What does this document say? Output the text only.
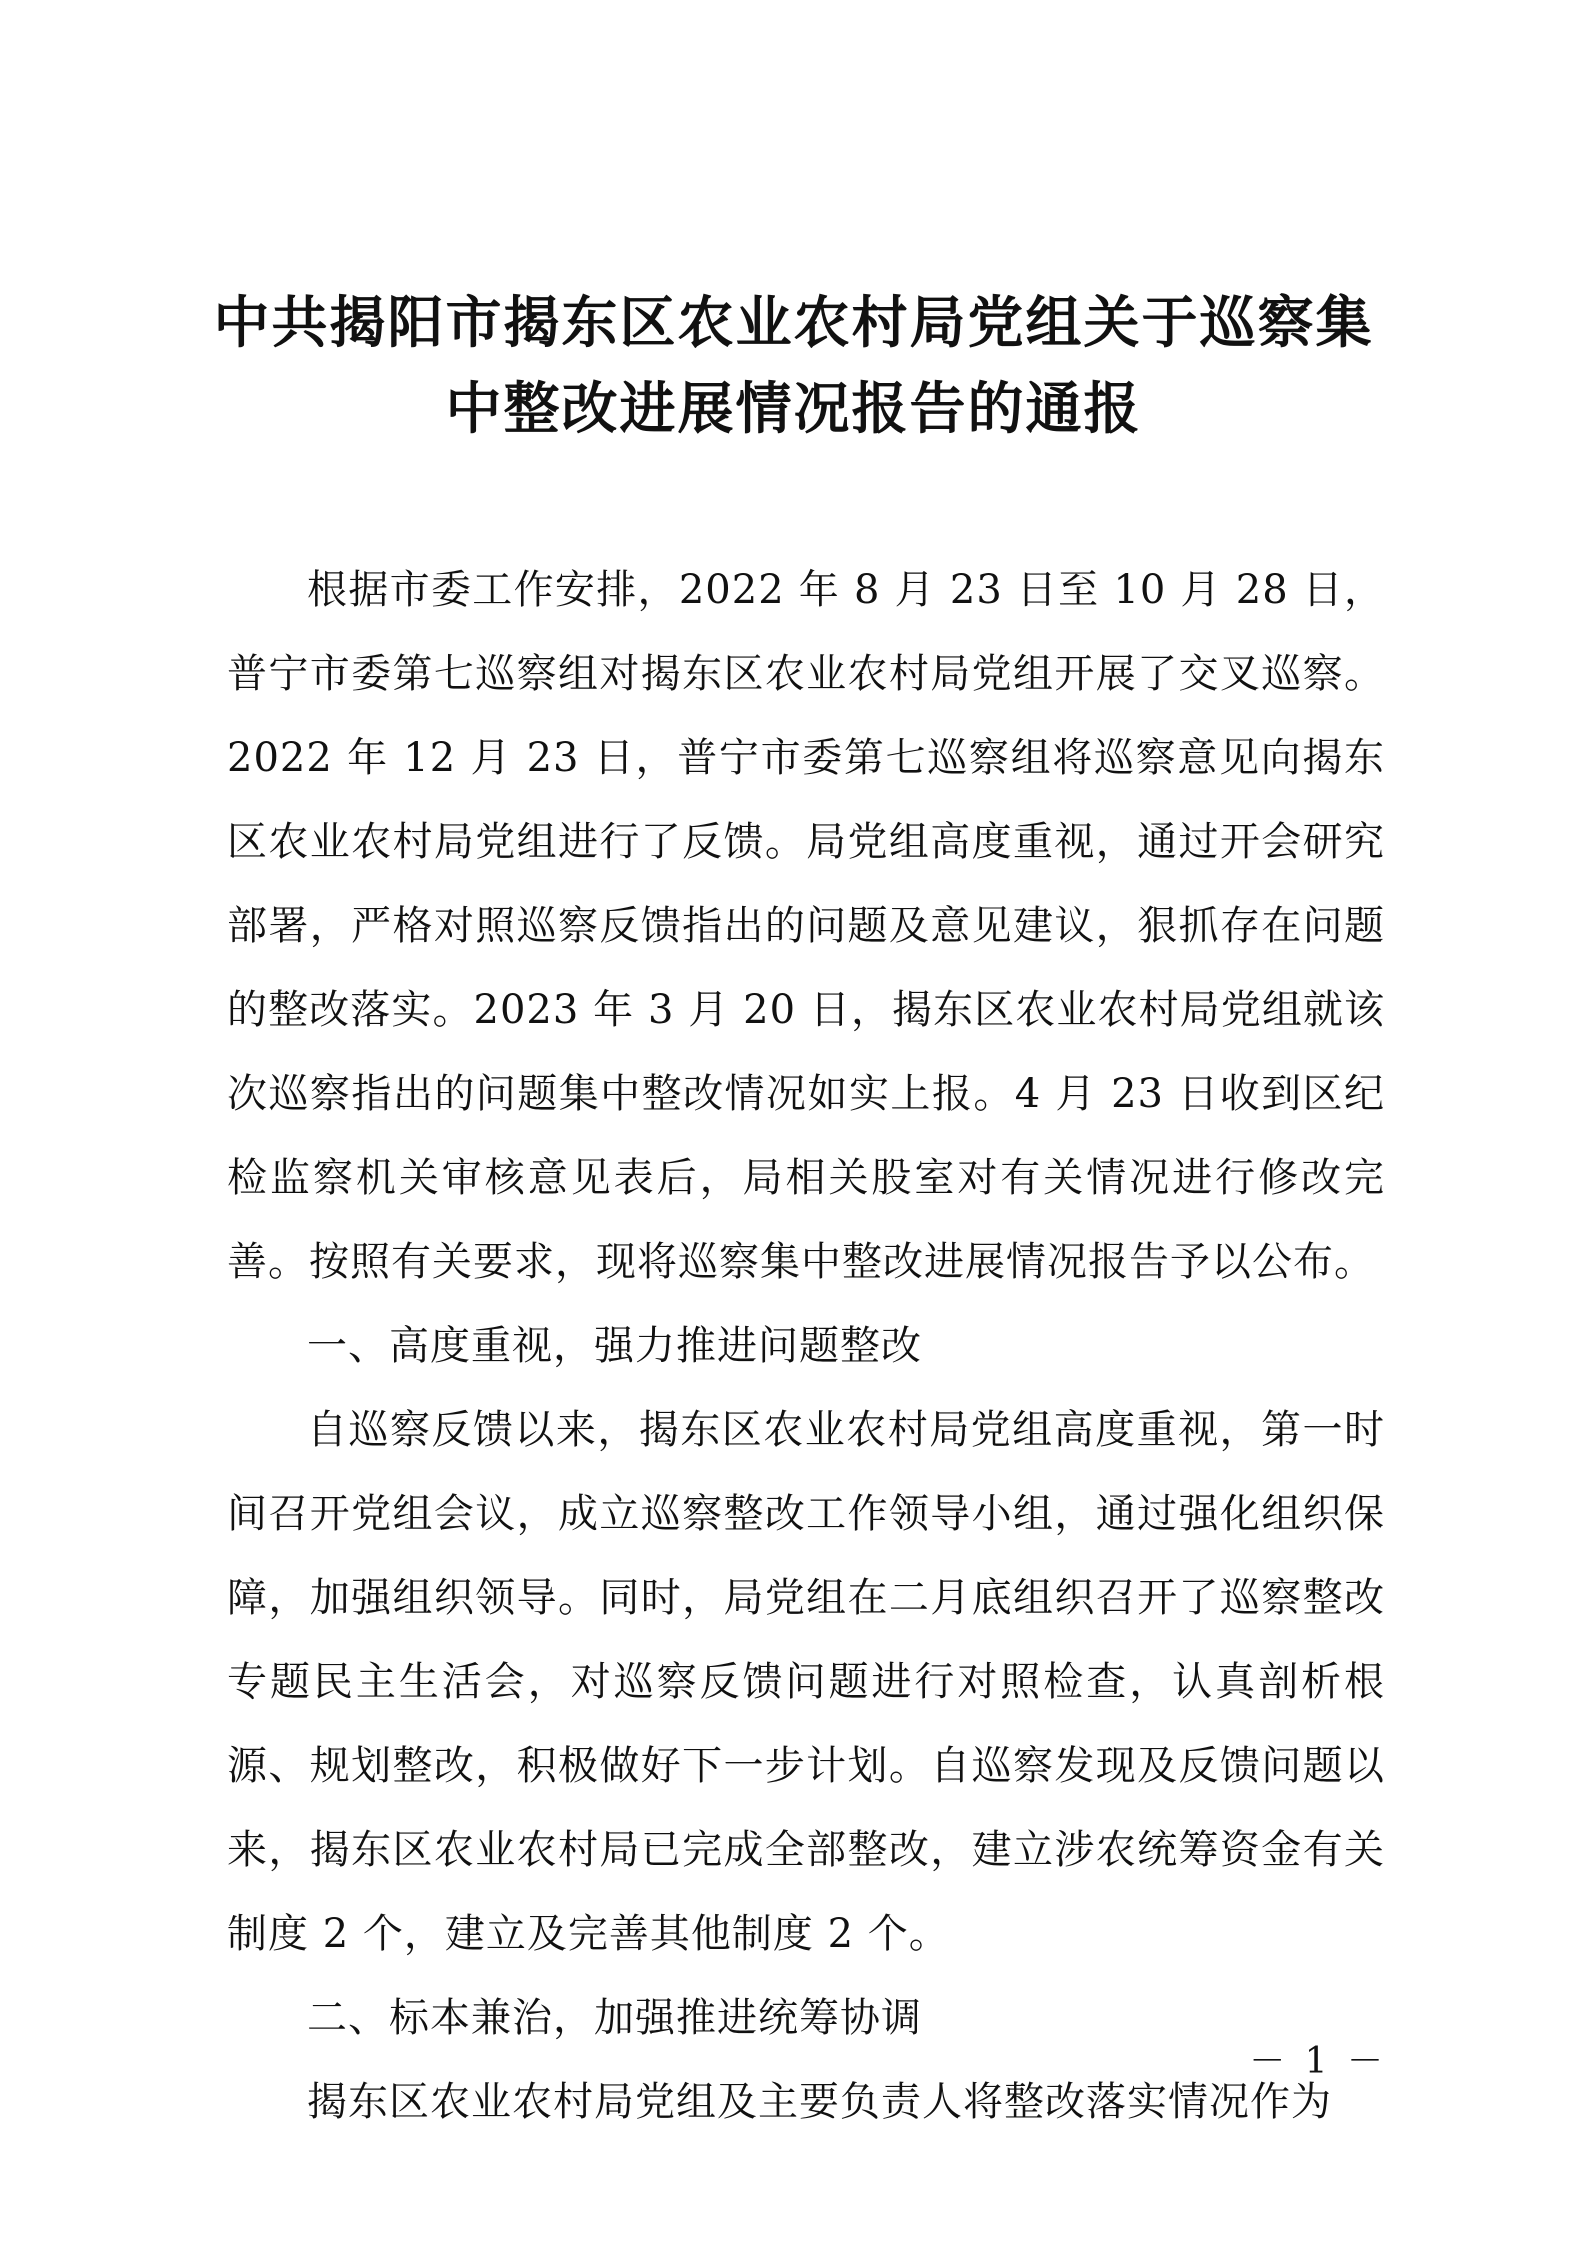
中共揭阳市揭东区农业农村局党组关于巡察集
中整改进展情况报告的通报

根据市委工作安排，2022 年 8 月 23 日至 10 月 28 日，普宁市委第七巡察组对揭东区农业农村局党组开展了交叉巡察。2022 年 12 月 23 日，普宁市委第七巡察组将巡察意见向揭东区农业农村局党组进行了反馈。局党组高度重视，通过开会研究部署，严格对照巡察反馈指出的问题及意见建议，狠抓存在问题的整改落实。2023 年 3 月 20 日，揭东区农业农村局党组就该次巡察指出的问题集中整改情况如实上报。4 月 23 日收到区纪检监察机关审核意见表后，局相关股室对有关情况进行修改完善。按照有关要求，现将巡察集中整改进展情况报告予以公布。

一、高度重视，强力推进问题整改

自巡察反馈以来，揭东区农业农村局党组高度重视，第一时间召开党组会议，成立巡察整改工作领导小组，通过强化组织保障，加强组织领导。同时，局党组在二月底组织召开了巡察整改专题民主生活会，对巡察反馈问题进行对照检查，认真剖析根源、规划整改，积极做好下一步计划。自巡察发现及反馈问题以来，揭东区农业农村局已完成全部整改，建立涉农统筹资金有关制度 2 个，建立及完善其他制度 2 个。

二、标本兼治，加强推进统筹协调

揭东区农业农村局党组及主要负责人将整改落实情况作为

－ 1 －
